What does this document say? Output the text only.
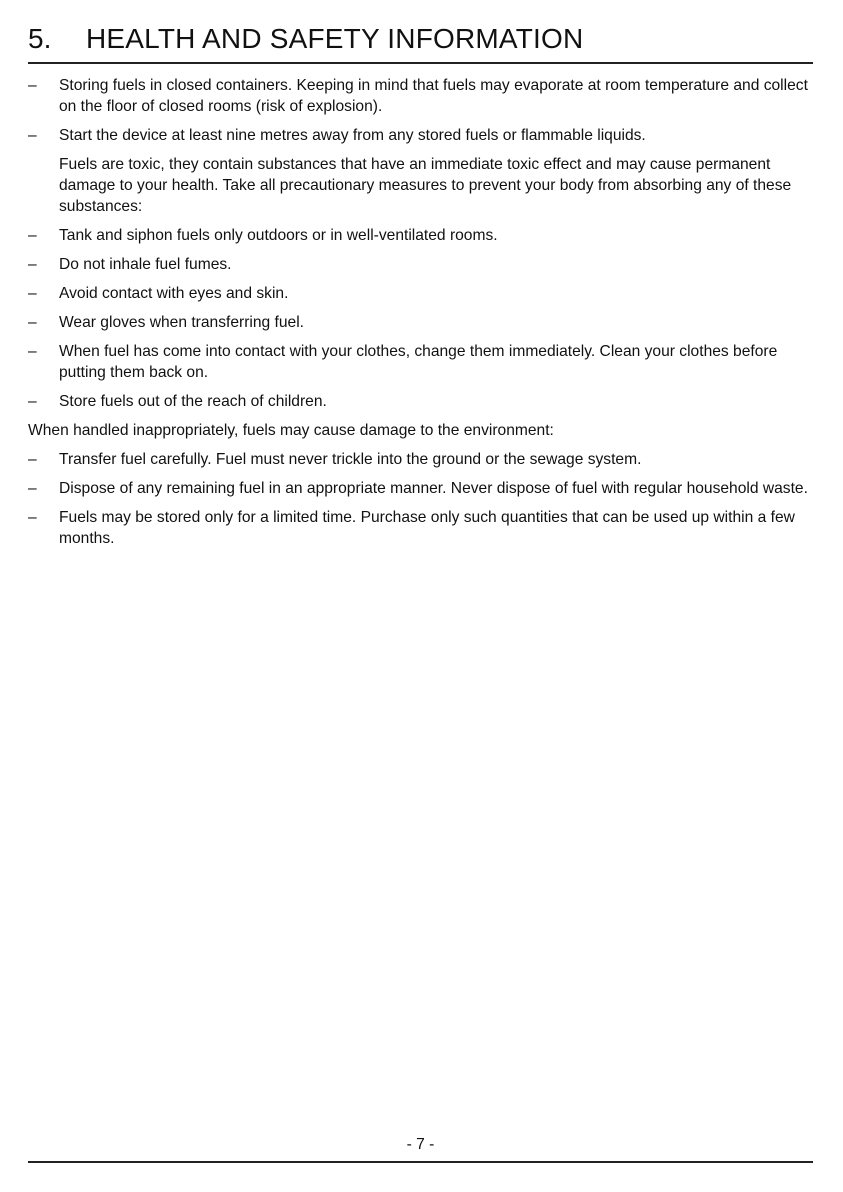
5.	HEALTH AND SAFETY INFORMATION
–	Storing fuels in closed containers. Keeping in mind that fuels may evaporate at room temperature and collect on the floor of closed rooms (risk of explosion).
–	Start the device at least nine metres away from any stored fuels or flammable liquids.
Fuels are toxic, they contain substances that have an immediate toxic effect and may cause permanent damage to your health. Take all precautionary measures to prevent your body from absorbing any of these substances:
–	Tank and siphon fuels only outdoors or in well-ventilated rooms.
–	Do not inhale fuel fumes.
–	Avoid contact with eyes and skin.
–	Wear gloves when transferring fuel.
–	When fuel has come into contact with your clothes, change them immediately. Clean your clothes before putting them back on.
–	Store fuels out of the reach of children.
When handled inappropriately, fuels may cause damage to the environment:
–	Transfer fuel carefully. Fuel must never trickle into the ground or the sewage system.
–	Dispose of any remaining fuel in an appropriate manner. Never dispose of fuel with regular household waste.
–	Fuels may be stored only for a limited time. Purchase only such quantities that can be used up within a few months.
- 7 -
